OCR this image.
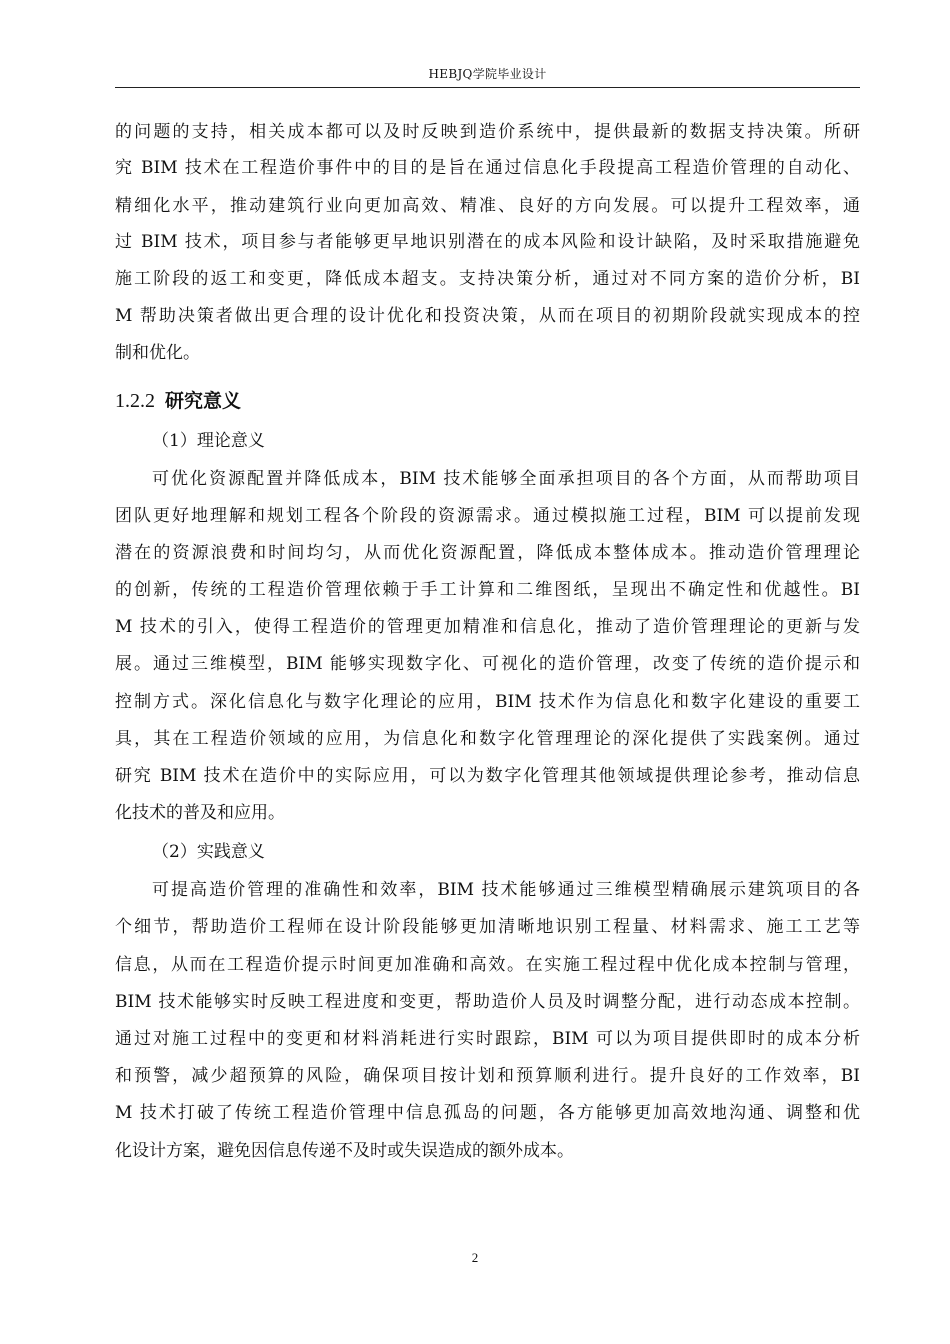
HEBJQ学院毕业设计
的问题的支持，相关成本都可以及时反映到造价系统中，提供最新的数据支持决策。所研
究 BIM 技术在工程造价事件中的目的是旨在通过信息化手段提高工程造价管理的自动化、
精细化水平，推动建筑行业向更加高效、精准、良好的方向发展。可以提升工程效率，通
过 BIM 技术，项目参与者能够更早地识别潜在的成本风险和设计缺陷，及时采取措施避免
施工阶段的返工和变更，降低成本超支。支持决策分析，通过对不同方案的造价分析，BI
M 帮助决策者做出更合理的设计优化和投资决策，从而在项目的初期阶段就实现成本的控
制和优化。
1.2.2 研究意义
（1）理论意义
可优化资源配置并降低成本，BIM 技术能够全面承担项目的各个方面，从而帮助项目
团队更好地理解和规划工程各个阶段的资源需求。通过模拟施工过程，BIM 可以提前发现
潜在的资源浪费和时间均匀，从而优化资源配置，降低成本整体成本。推动造价管理理论
的创新，传统的工程造价管理依赖于手工计算和二维图纸，呈现出不确定性和优越性。BI
M 技术的引入，使得工程造价的管理更加精准和信息化，推动了造价管理理论的更新与发
展。通过三维模型，BIM 能够实现数字化、可视化的造价管理，改变了传统的造价提示和
控制方式。深化信息化与数字化理论的应用，BIM 技术作为信息化和数字化建设的重要工
具，其在工程造价领域的应用，为信息化和数字化管理理论的深化提供了实践案例。通过
研究 BIM 技术在造价中的实际应用，可以为数字化管理其他领域提供理论参考，推动信息
化技术的普及和应用。
（2）实践意义
可提高造价管理的准确性和效率，BIM 技术能够通过三维模型精确展示建筑项目的各
个细节，帮助造价工程师在设计阶段能够更加清晰地识别工程量、材料需求、施工工艺等
信息，从而在工程造价提示时间更加准确和高效。在实施工程过程中优化成本控制与管理，
BIM 技术能够实时反映工程进度和变更，帮助造价人员及时调整分配，进行动态成本控制。
通过对施工过程中的变更和材料消耗进行实时跟踪，BIM 可以为项目提供即时的成本分析
和预警，减少超预算的风险，确保项目按计划和预算顺利进行。提升良好的工作效率，BI
M 技术打破了传统工程造价管理中信息孤岛的问题，各方能够更加高效地沟通、调整和优
化设计方案，避免因信息传递不及时或失误造成的额外成本。
2
